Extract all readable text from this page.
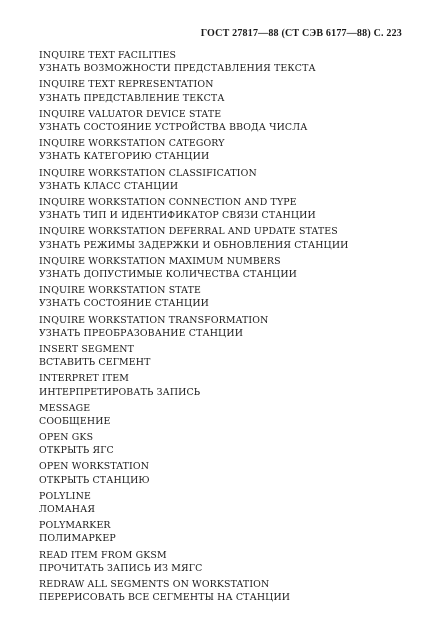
ГОСТ 27817—88 (СТ СЭВ 6177—88) С. 223
INQUIRE TEXT FACILITIES
УЗНАТЬ ВОЗМОЖНОСТИ ПРЕДСТАВЛЕНИЯ ТЕКСТА
INQUIRE TEXT REPRESENTATION
УЗНАТЬ ПРЕДСТАВЛЕНИЕ ТЕКСТА
INQUIRE VALUATOR DEVICE STATE
УЗНАТЬ СОСТОЯНИЕ УСТРОЙСТВА ВВОДА ЧИСЛА
INQUIRE WORKSTATION CATEGORY
УЗНАТЬ КАТЕГОРИЮ СТАНЦИИ
INQUIRE WORKSTATION CLASSIFICATION
УЗНАТЬ КЛАСС СТАНЦИИ
INQUIRE WORKSTATION CONNECTION AND TYPE
УЗНАТЬ ТИП И ИДЕНТИФИКАТОР СВЯЗИ СТАНЦИИ
INQUIRE WORKSTATION DEFERRAL AND UPDATE STATES
УЗНАТЬ РЕЖИМЫ ЗАДЕРЖКИ И ОБНОВЛЕНИЯ СТАНЦИИ
INQUIRE WORKSTATION MAXIMUM NUMBERS
УЗНАТЬ ДОПУСТИМЫЕ КОЛИЧЕСТВА СТАНЦИИ
INQUIRE WORKSTATION STATE
УЗНАТЬ СОСТОЯНИЕ СТАНЦИИ
INQUIRE WORKSTATION TRANSFORMATION
УЗНАТЬ ПРЕОБРАЗОВАНИЕ СТАНЦИИ
INSERT SEGMENT
ВСТАВИТЬ СЕГМЕНТ
INTERPRET ITEM
ИНТЕРПРЕТИРОВАТЬ ЗАПИСЬ
MESSAGE
СООБЩЕНИЕ
OPEN GKS
ОТКРЫТЬ ЯГС
OPEN WORKSTATION
ОТКРЫТЬ СТАНЦИЮ
POLYLINE
ЛОМАНАЯ
POLYMARKER
ПОЛИМАРКЕР
READ ITEM FROM GKSM
ПРОЧИТАТЬ ЗАПИСЬ ИЗ МЯГС
REDRAW ALL SEGMENTS ON WORKSTATION
ПЕРЕРИСОВАТЬ ВСЕ СЕГМЕНТЫ НА СТАНЦИИ
